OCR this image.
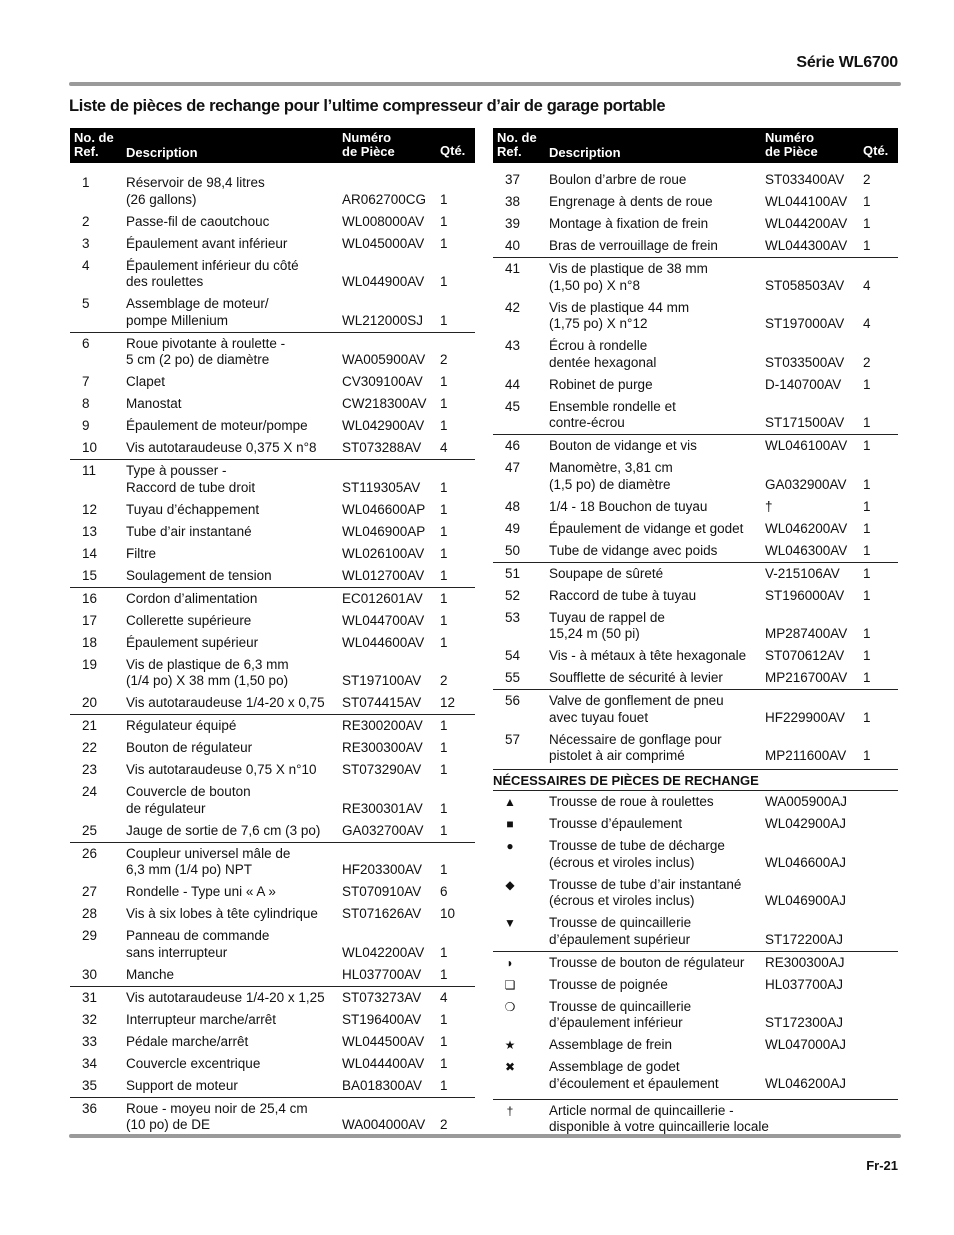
Série WL6700
Liste de pièces de rechange pour l’ultime compresseur d’air de garage portable
No. de
Ref.	Description
Numéro
de Pièce	Qté.
1	Réservoir de 98,4 litres
(26 gallons)	AR062700CG 1
2	Passe-fil de caoutchouc	WL008000AV 1
3	Épaulement avant inférieur	WL045000AV 1
4	Épaulement inférieur du côté
des roulettes	WL044900AV 1
5	Assemblage de moteur/
pompe Millenium	WL212000SJ 1
6	Roue pivotante à roulette -
5 cm (2 po) de diamètre	WA005900AV 2
7	Clapet	CV309100AV 1
8	Manostat	CW218300AV 1
9	Épaulement de moteur/pompe	WL042900AV 1
10	Vis autotaraudeuse 0,375 X n°8	ST073288AV 4
11	Type à pousser -
Raccord de tube droit	ST119305AV 1
12	Tuyau d’échappement	WL046600AP 1
13	Tube d’air instantané	WL046900AP 1
14	Filtre	WL026100AV 1
15	Soulagement de tension	WL012700AV 1
16	Cordon d’alimentation	EC012601AV 1
17	Collerette supérieure	WL044700AV 1
18	Épaulement supérieur	WL044600AV 1
19	Vis de plastique de 6,3 mm
(1/4 po) X 38 mm (1,50 po)	ST197100AV 2
20	Vis autotaraudeuse 1/4-20 x 0,75	ST074415AV 12
21	Régulateur équipé	RE300200AV 1
22	Bouton de régulateur	RE300300AV 1
23	Vis autotaraudeuse 0,75 X n°10	ST073290AV 1
24	Couvercle de bouton
de régulateur	RE300301AV 1
25	Jauge de sortie de 7,6 cm (3 po)	GA032700AV 1
26	Coupleur universel mâle de
6,3 mm (1/4 po) NPT	HF203300AV 1
27	Rondelle - Type uni « A »	ST070910AV 6
28	Vis à six lobes à tête cylindrique	ST071626AV 10
29	Panneau de commande
sans interrupteur	WL042200AV 1
30	Manche	HL037700AV 1
31	Vis autotaraudeuse 1/4-20 x 1,25	ST073273AV 4
32	Interrupteur marche/arrêt	ST196400AV 1
33	Pédale marche/arrêt	WL044500AV 1
34	Couvercle excentrique	WL044400AV 1
35	Support de moteur	BA018300AV 1
36	Roue - moyeu noir de 25,4 cm
(10 po) de DE	WA004000AV 2
No. de
Ref.	Description
Numéro
de Pièce	Qté.
37	Boulon d’arbre de roue	ST033400AV 2
38	Engrenage à dents de roue	WL044100AV 1
39	Montage à fixation de frein	WL044200AV 1
40	Bras de verrouillage de frein	WL044300AV 1
41	Vis de plastique de 38 mm
(1,50 po) X n°8	ST058503AV 4
42	Vis de plastique 44 mm
(1,75 po) X n°12	ST197000AV 4
43	Écrou à rondelle
dentée hexagonal	ST033500AV 2
44	Robinet de purge	D-140700AV 1
45	Ensemble rondelle et
contre-écrou	ST171500AV 1
46	Bouton de vidange et vis	WL046100AV 1
47	Manomètre, 3,81 cm
(1,5 po) de diamètre	GA032900AV 1
48	1/4 - 18 Bouchon de tuyau	†	1
49	Épaulement de vidange et godet	WL046200AV 1
50	Tube de vidange avec poids	WL046300AV 1
51	Soupape de sûreté	V-215106AV 1
52	Raccord de tube à tuyau	ST196000AV 1
53	Tuyau de rappel de
15,24 m (50 pi)	MP287400AV 1
54	Vis - à métaux à tête hexagonale	ST070612AV 1
55	Soufflette de sécurité à levier	MP216700AV 1
56	Valve de gonflement de pneu
avec tuyau fouet	HF229900AV 1
57	Nécessaire de gonflage pour
pistolet à air comprimé	MP211600AV 1
NÉCESSAIRES DE PIÈCES DE RECHANGE
▲ Trousse de roue à roulettes	WA005900AJ
■	Trousse d’épaulement	WL042900AJ
●	Trousse de tube de décharge
(écrous et viroles inclus)	WL046600AJ
◆	Trousse de tube d’air instantané
(écrous et viroles inclus)	WL046900AJ
▼ Trousse de quincaillerie
d’épaulement supérieur	ST172200AJ
◗	Trousse de bouton de régulateur	RE300300AJ
❏ Trousse de poignée	HL037700AJ
❍ Trousse de quincaillerie
d’épaulement inférieur	ST172300AJ
★ Assemblage de frein	WL047000AJ
✖	Assemblage de godet
d’écoulement et épaulement	WL046200AJ
†	Article normal de quincaillerie -
disponible à votre quincaillerie locale
Fr-21
